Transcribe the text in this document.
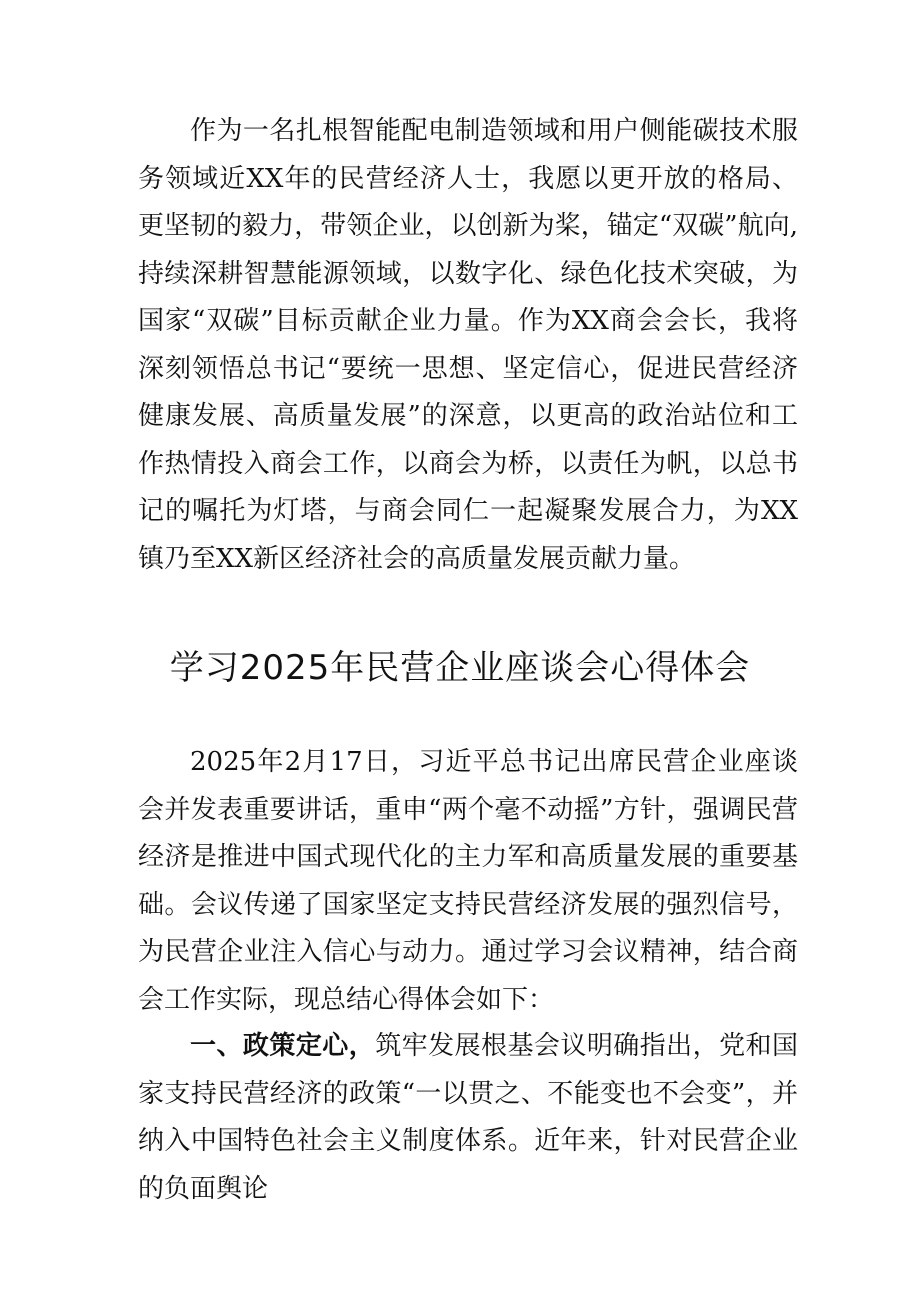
作为一名扎根智能配电制造领域和用户侧能碳技术服务领域近XX年的民营经济人士，我愿以更开放的格局、更坚韧的毅力，带领企业，以创新为桨，锚定“双碳”航向,持续深耕智慧能源领域，以数字化、绿色化技术突破，为国家“双碳”目标贡献企业力量。作为XX商会会长，我将深刻领悟总书记“要统一思想、坚定信心，促进民营经济健康发展、高质量发展”的深意，以更高的政治站位和工作热情投入商会工作，以商会为桥，以责任为帆，以总书记的嘱托为灯塔，与商会同仁一起凝聚发展合力，为XX镇乃至XX新区经济社会的高质量发展贡献力量。

学习2025年民营企业座谈会心得体会

2025年2月17日，习近平总书记出席民营企业座谈会并发表重要讲话，重申“两个毫不动摇”方针，强调民营经济是推进中国式现代化的主力军和高质量发展的重要基础。会议传递了国家坚定支持民营经济发展的强烈信号，为民营企业注入信心与动力。通过学习会议精神，结合商会工作实际，现总结心得体会如下：

一、政策定心，筑牢发展根基会议明确指出，党和国家支持民营经济的政策“一以贯之、不能变也不会变”，并纳入中国特色社会主义制度体系。近年来，针对民营企业的负面舆论
